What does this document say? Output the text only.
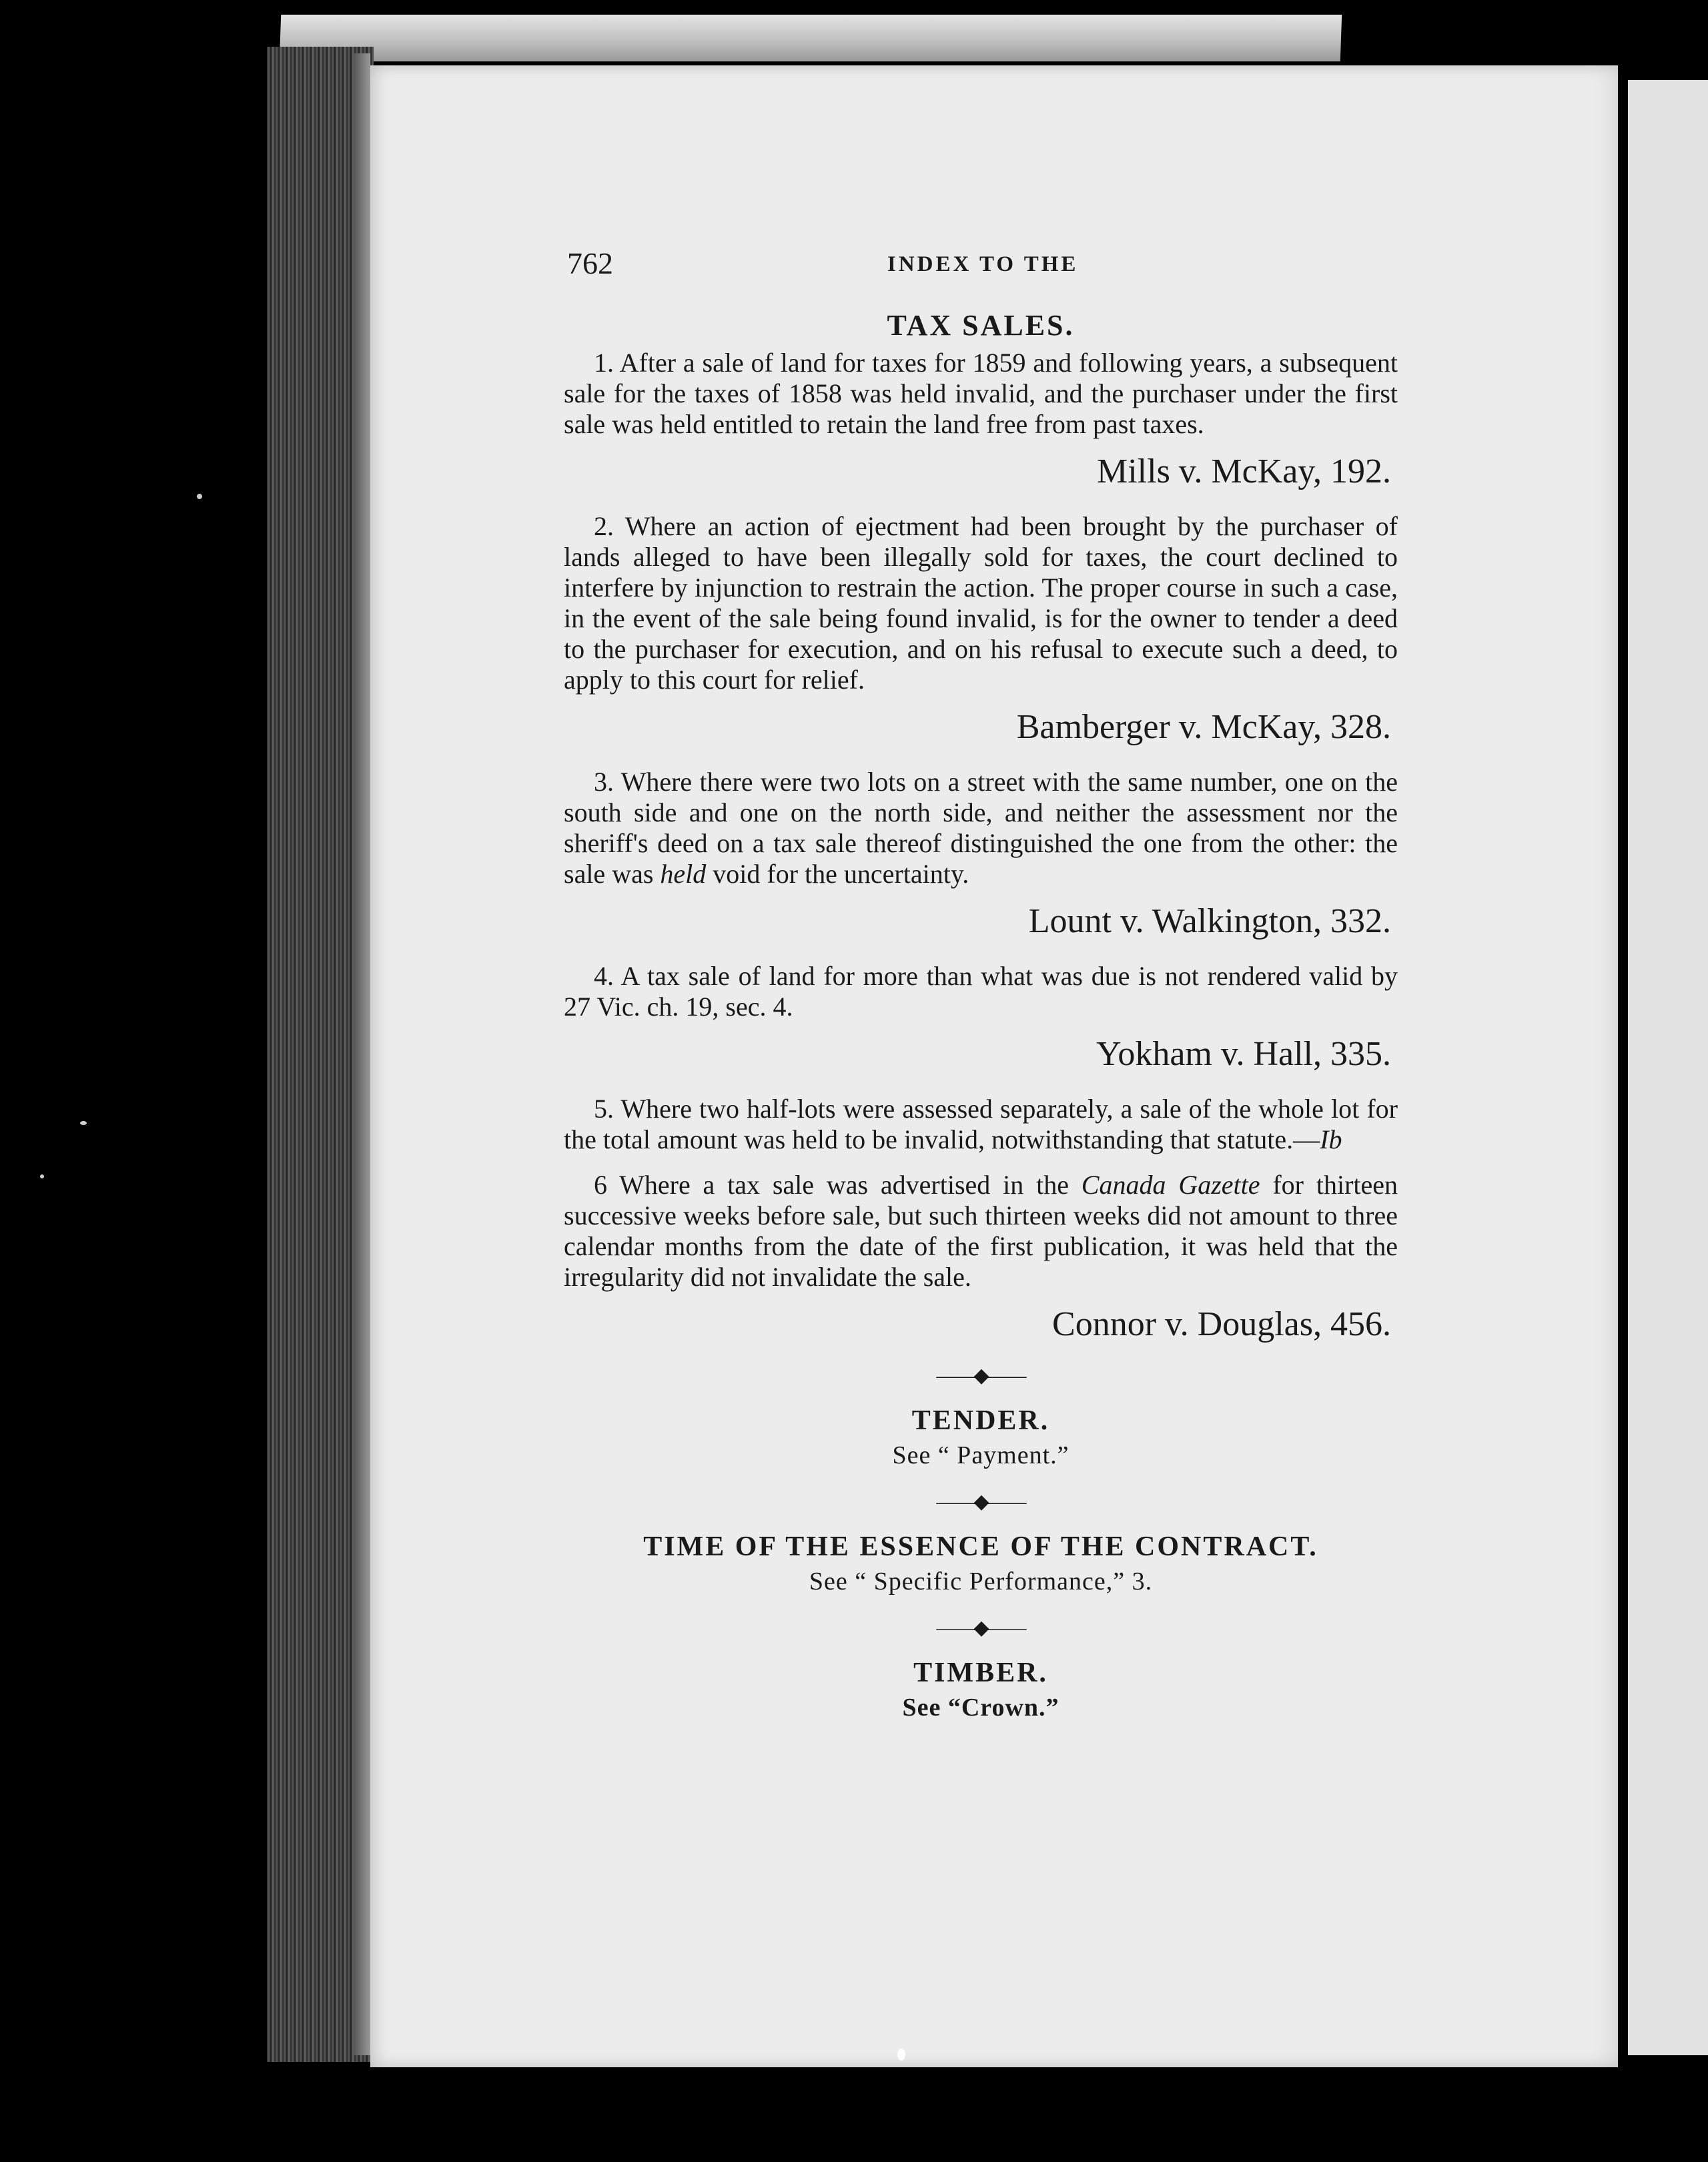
762	INDEX TO THE
TAX SALES.

1. After a sale of land for taxes for 1859 and following years, a subsequent sale for the taxes of 1858 was held invalid, and the purchaser under the first sale was held entitled to retain the land free from past taxes.

Mills v. McKay, 192.

2. Where an action of ejectment had been brought by the purchaser of lands alleged to have been illegally sold for taxes, the court declined to interfere by injunction to restrain the action. The proper course in such a case, in the event of the sale being found invalid, is for the owner to tender a deed to the purchaser for execution, and on his refusal to execute such a deed, to apply to this court for relief.

Bamberger v. McKay, 328.

3. Where there were two lots on a street with the same number, one on the south side and one on the north side, and neither the assessment nor the sheriff's deed on a tax sale thereof distinguished the one from the other: the sale was held void for the uncertainty.

Lount v. Walkington, 332.

4. A tax sale of land for more than what was due is not rendered valid by 27 Vic. ch. 19, sec. 4.

Yokham v. Hall, 335.

5. Where two half-lots were assessed separately, a sale of the whole lot for the total amount was held to be invalid, notwithstanding that statute.—Ib

6 Where a tax sale was advertised in the Canada Gazette for thirteen successive weeks before sale, but such thirteen weeks did not amount to three calendar months from the date of the first publication, it was held that the irregularity did not invalidate the sale.

Connor v. Douglas, 456.
——◆——
TENDER.

See “ Payment.”

——◆——
TIME OF THE ESSENCE OF THE CONTRACT.

See “ Specific Performance,” 3.

——◆——
TIMBER.

See “Crown.”
